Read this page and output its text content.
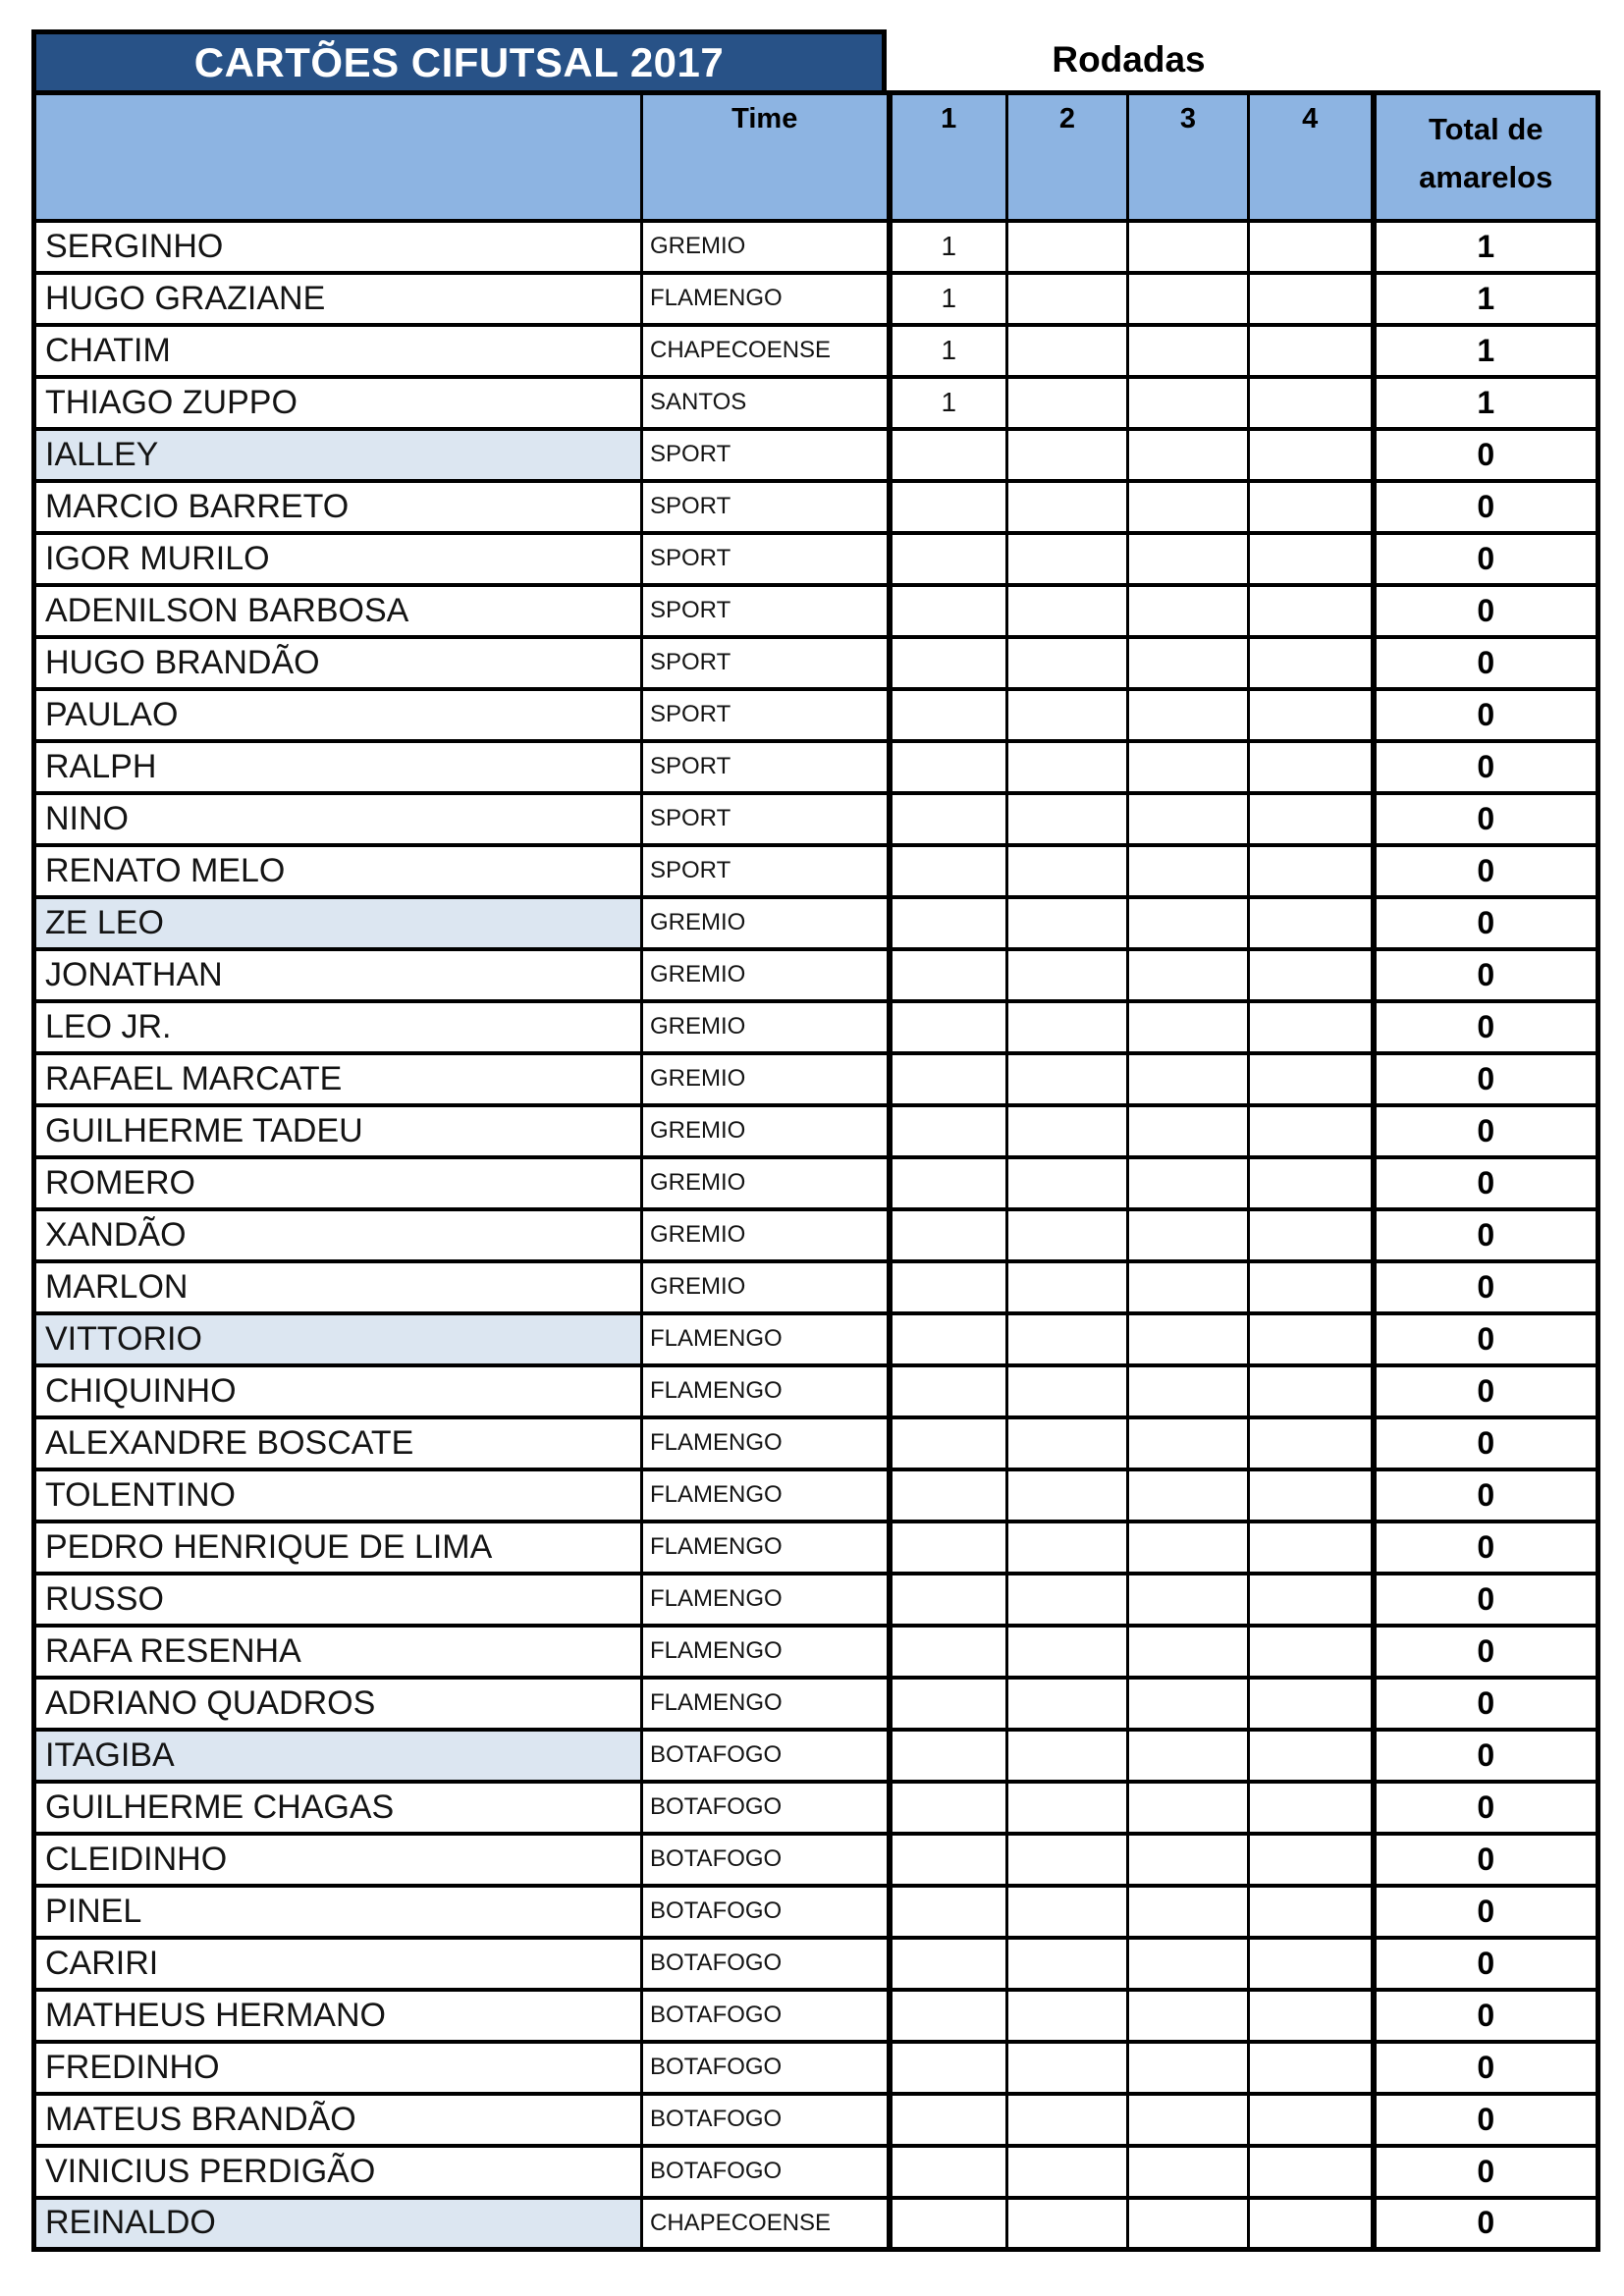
CARTÕES CIFUTSAL 2017	Rodadas
	Time	1	2	3	4	Total de amarelos
SERGINHO	GREMIO	1				1
HUGO GRAZIANE	FLAMENGO	1				1
CHATIM	CHAPECOENSE	1				1
THIAGO ZUPPO	SANTOS	1				1
IALLEY	SPORT					0
MARCIO BARRETO	SPORT					0
IGOR MURILO	SPORT					0
ADENILSON BARBOSA	SPORT					0
HUGO BRANDÃO	SPORT					0
PAULAO	SPORT					0
RALPH	SPORT					0
NINO	SPORT					0
RENATO MELO	SPORT					0
ZE LEO	GREMIO					0
JONATHAN	GREMIO					0
LEO JR.	GREMIO					0
RAFAEL MARCATE	GREMIO					0
GUILHERME TADEU	GREMIO					0
ROMERO	GREMIO					0
XANDÃO	GREMIO					0
MARLON	GREMIO					0
VITTORIO	FLAMENGO					0
CHIQUINHO	FLAMENGO					0
ALEXANDRE BOSCATE	FLAMENGO					0
TOLENTINO	FLAMENGO					0
PEDRO HENRIQUE DE LIMA	FLAMENGO					0
RUSSO	FLAMENGO					0
RAFA RESENHA	FLAMENGO					0
ADRIANO QUADROS	FLAMENGO					0
ITAGIBA	BOTAFOGO					0
GUILHERME CHAGAS	BOTAFOGO					0
CLEIDINHO	BOTAFOGO					0
PINEL	BOTAFOGO					0
CARIRI	BOTAFOGO					0
MATHEUS HERMANO	BOTAFOGO					0
FREDINHO	BOTAFOGO					0
MATEUS BRANDÃO	BOTAFOGO					0
VINICIUS PERDIGÃO	BOTAFOGO					0
REINALDO	CHAPECOENSE					0
